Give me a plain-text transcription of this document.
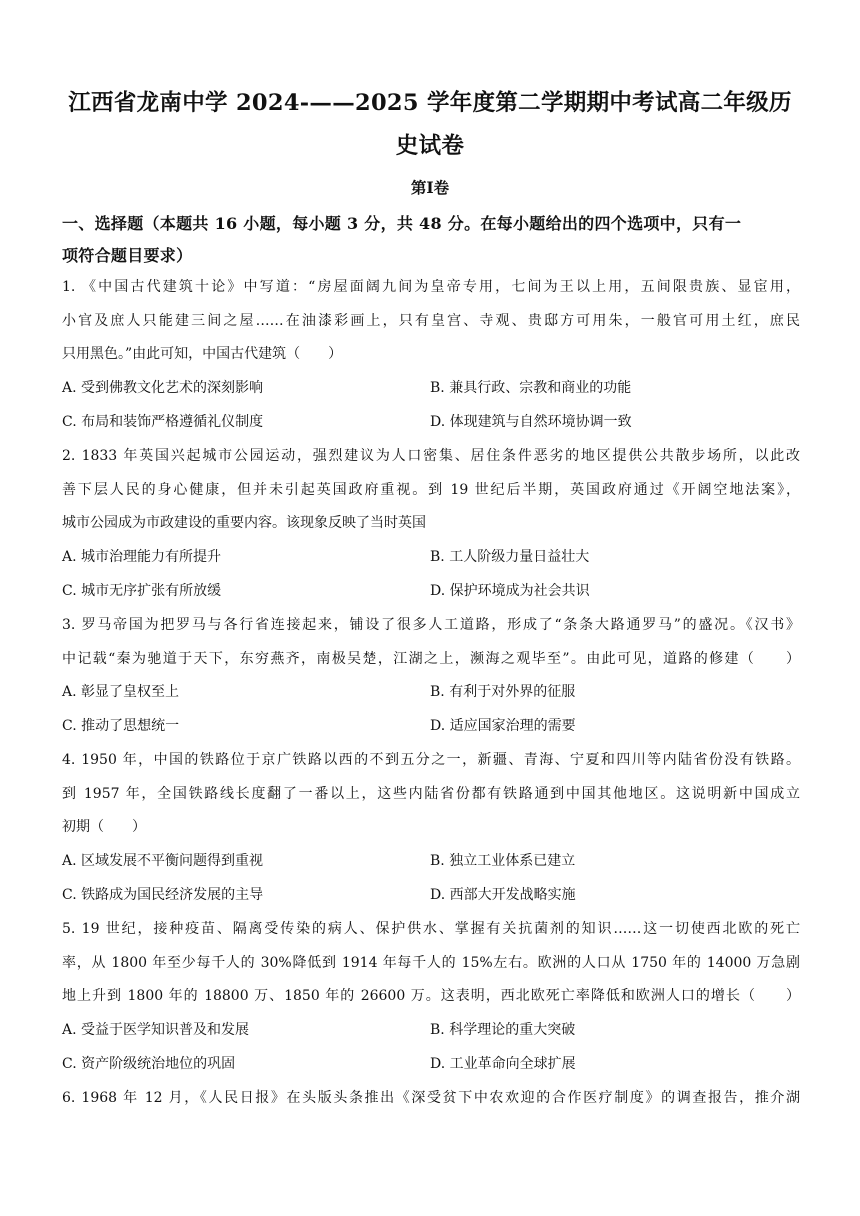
江西省龙南中学 2024-——2025 学年度第二学期期中考试高二年级历
史试卷
第Ⅰ卷
一、选择题（本题共 16 小题，每小题 3 分，共 48 分。在每小题给出的四个选项中，只有一
项符合题目要求）
1. 《中国古代建筑十论》中写道：“房屋面阔九间为皇帝专用，七间为王以上用，五间限贵族、显宦用，
小官及庶人只能建三间之屋……在油漆彩画上，只有皇宫、寺观、贵邸方可用朱，一般官可用土红，庶民
只用黑色。”由此可知，中国古代建筑（　　）
A. 受到佛教文化艺术的深刻影响	B. 兼具行政、宗教和商业的功能
C. 布局和装饰严格遵循礼仪制度	D. 体现建筑与自然环境协调一致
2. 1833 年英国兴起城市公园运动，强烈建议为人口密集、居住条件恶劣的地区提供公共散步场所，以此改
善下层人民的身心健康，但并未引起英国政府重视。到 19 世纪后半期，英国政府通过《开阔空地法案》，
城市公园成为市政建设的重要内容。该现象反映了当时英国
A. 城市治理能力有所提升	B. 工人阶级力量日益壮大
C. 城市无序扩张有所放缓	D. 保护环境成为社会共识
3. 罗马帝国为把罗马与各行省连接起来，铺设了很多人工道路，形成了“条条大路通罗马”的盛况。《汉书》
中记载“秦为驰道于天下，东穷燕齐，南极吴楚，江湖之上，濒海之观毕至”。由此可见，道路的修建（　　）
A. 彰显了皇权至上	B. 有利于对外界的征服
C. 推动了思想统一	D. 适应国家治理的需要
4. 1950 年，中国的铁路位于京广铁路以西的不到五分之一，新疆、青海、宁夏和四川等内陆省份没有铁路。
到 1957 年，全国铁路线长度翻了一番以上，这些内陆省份都有铁路通到中国其他地区。这说明新中国成立
初期（　　）
A. 区域发展不平衡问题得到重视	B. 独立工业体系已建立
C. 铁路成为国民经济发展的主导	D. 西部大开发战略实施
5. 19 世纪，接种疫苗、隔离受传染的病人、保护供水、掌握有关抗菌剂的知识……这一切使西北欧的死亡
率，从 1800 年至少每千人的 30%降低到 1914 年每千人的 15%左右。欧洲的人口从 1750 年的 14000 万急剧
地上升到 1800 年的 18800 万、1850 年的 26600 万。这表明，西北欧死亡率降低和欧洲人口的增长（　　）
A. 受益于医学知识普及和发展	B. 科学理论的重大突破
C. 资产阶级统治地位的巩固	D. 工业革命向全球扩展
6. 1968 年 12 月，《人民日报》在头版头条推出《深受贫下中农欢迎的合作医疗制度》的调查报告，推介湖
